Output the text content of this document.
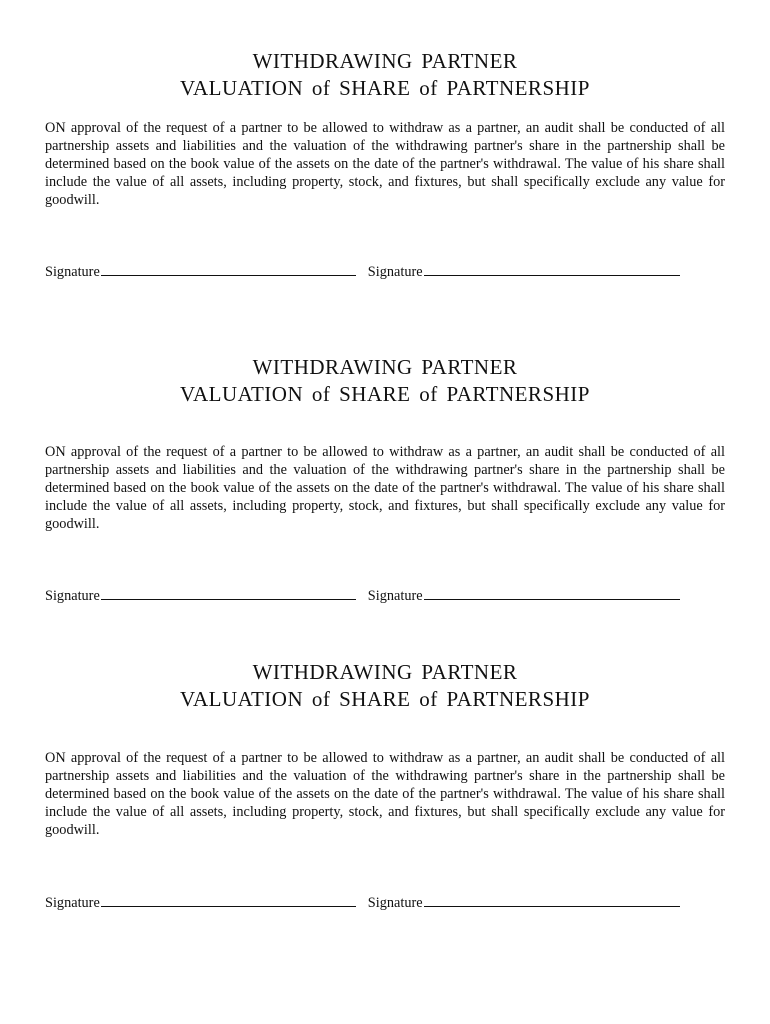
WITHDRAWING PARTNER
VALUATION of SHARE of PARTNERSHIP

ON approval of the request of a partner to be allowed to withdraw as a partner, an audit shall be conducted of all partnership assets and liabilities and the valuation of the withdrawing partner's share in the partnership shall be determined based on the book value of the assets on the date of the partner's withdrawal. The value of his share shall include the value of all assets, including property, stock, and fixtures, but shall specifically exclude any value for goodwill.

Signature	Signature
WITHDRAWING PARTNER
VALUATION of SHARE of PARTNERSHIP

ON approval of the request of a partner to be allowed to withdraw as a partner, an audit shall be conducted of all partnership assets and liabilities and the valuation of the withdrawing partner's share in the partnership shall be determined based on the book value of the assets on the date of the partner's withdrawal. The value of his share shall include the value of all assets, including property, stock, and fixtures, but shall specifically exclude any value for goodwill.

Signature	Signature
WITHDRAWING PARTNER
VALUATION of SHARE of PARTNERSHIP

ON approval of the request of a partner to be allowed to withdraw as a partner, an audit shall be conducted of all partnership assets and liabilities and the valuation of the withdrawing partner's share in the partnership shall be determined based on the book value of the assets on the date of the partner's withdrawal. The value of his share shall include the value of all assets, including property, stock, and fixtures, but shall specifically exclude any value for goodwill.

Signature	Signature
